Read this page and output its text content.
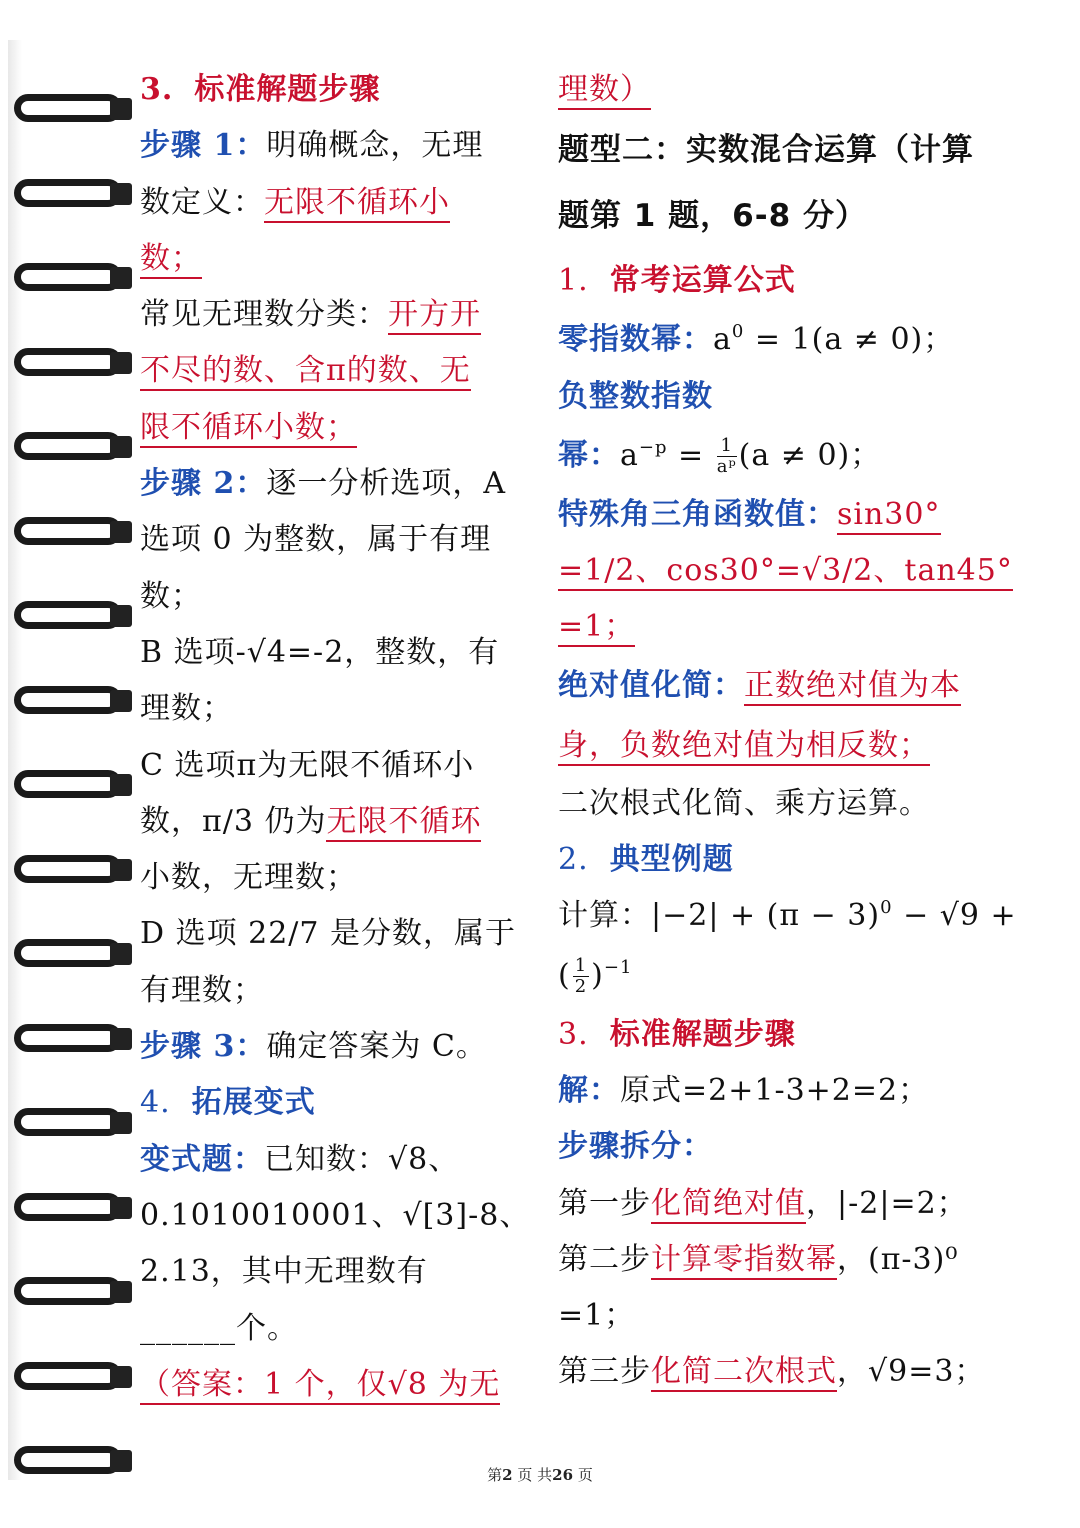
3. 标准解题步骤
步骤 1：明确概念，无理
数定义：无限不循环小
数；
常见无理数分类：开方开
不尽的数、含π的数、无
限不循环小数；
步骤 2：逐一分析选项，A
选项 0 为整数，属于有理
数；
B 选项-√4=-2，整数，有
理数；
C 选项π为无限不循环小
数，π/3 仍为无限不循环
小数，无理数；
D 选项 22/7 是分数，属于
有理数；
步骤 3：确定答案为 C。
4. 拓展变式
变式题：已知数：√8、
0.1010010001、√[3]-8、
2.13，其中无理数有
______个。
（答案：1 个，仅√8 为无
理数）
题型二：实数混合运算（计算
题第 1 题，6-8 分）
1. 常考运算公式
零指数幂：$a^0 = 1(a \ne 0)$；
负整数指数
幂：$a^{-p} = \frac{1}{\text{aᵖ}} (a \ne 0)$；
特殊角三角函数值：sin30°
=1/2、cos30°=√3/2、tan45°
=1；
绝对值化简：正数绝对值为本
身，负数绝对值为相反数；
二次根式化简、乘方运算。
2. 典型例题
计算：$|-2| + (\pi - 3)^0 - √9$ +
( $\frac{1}{2} )^{-1}$
3. 标准解题步骤
解：原式=2+1-3+2=2；
步骤拆分：
第一步化简绝对值，|-2|=2；
第二步计算零指数幂，(π-3)⁰
=1；
第三步化简二次根式，√9=3；
第2 页 共26 页
